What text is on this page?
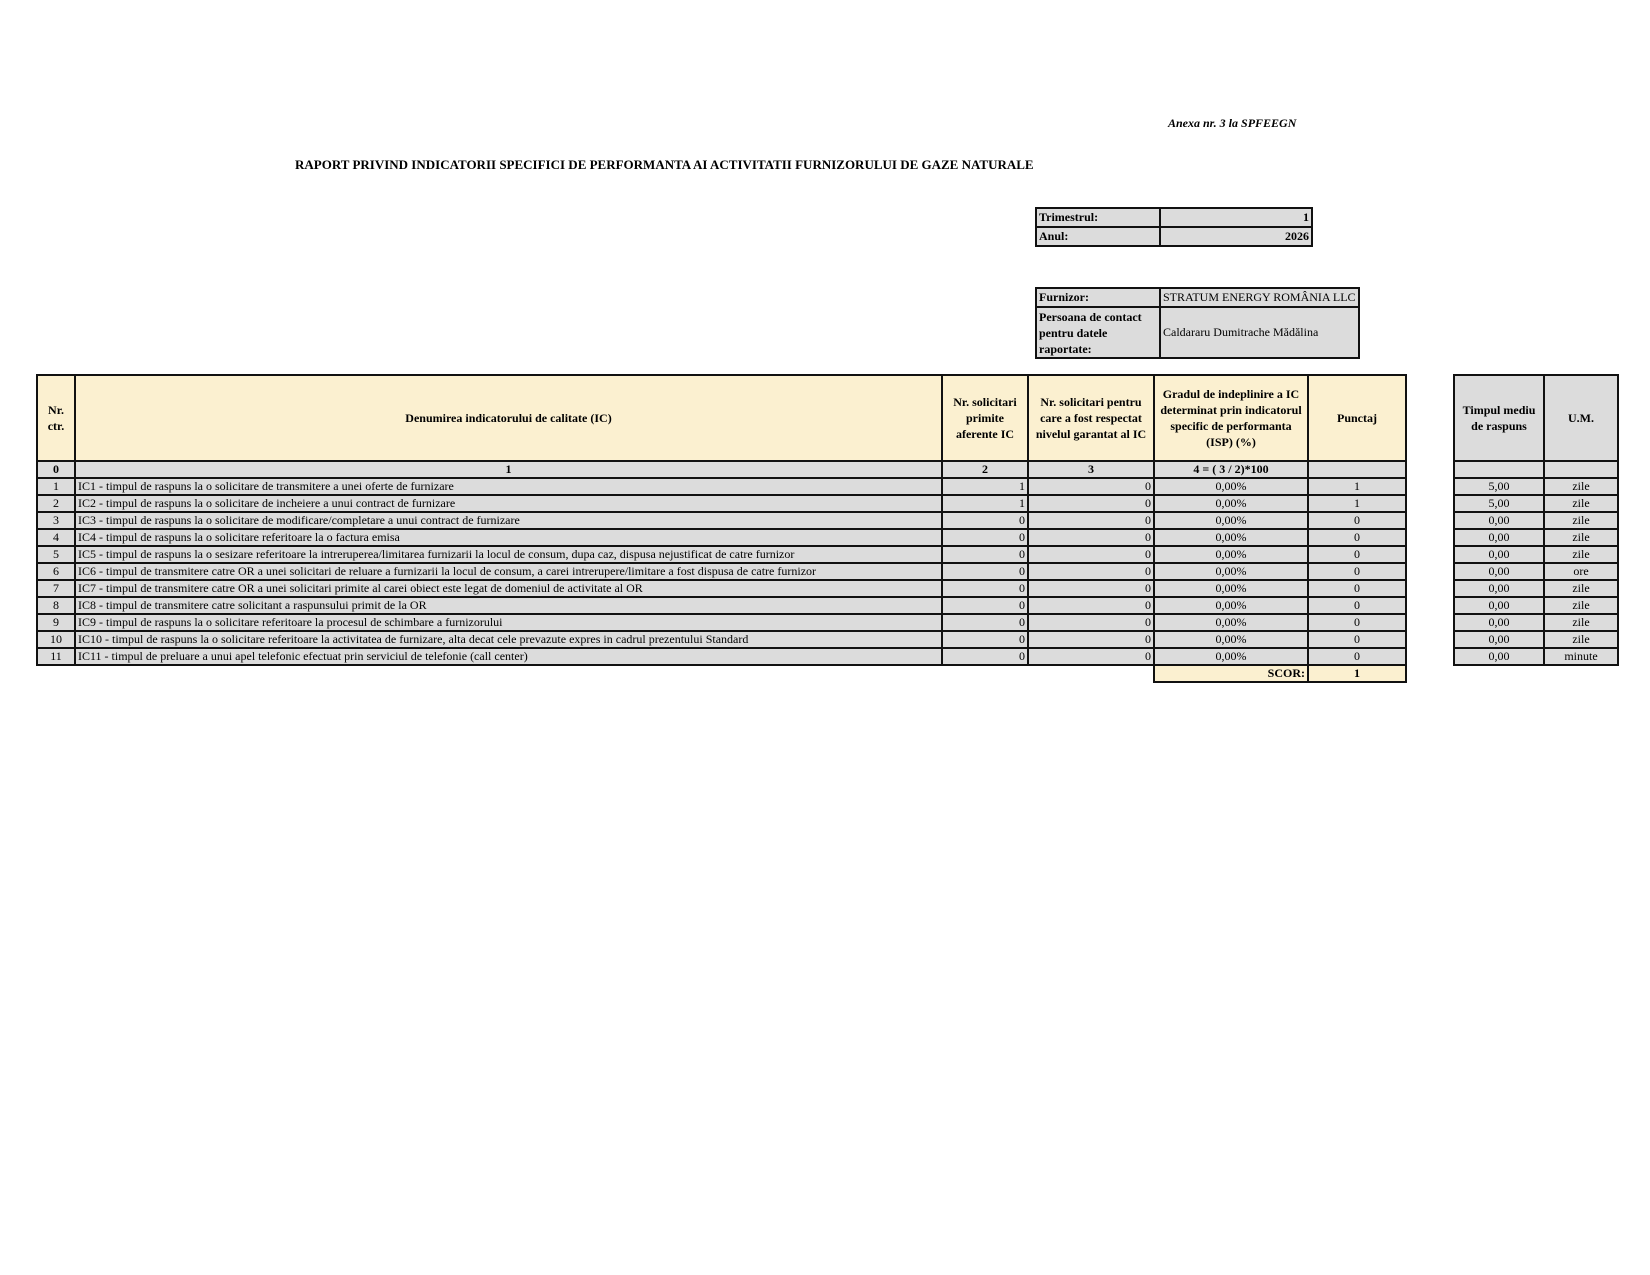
Anexa nr. 3 la SPFEEGN
RAPORT PRIVIND INDICATORII SPECIFICI DE PERFORMANTA AI ACTIVITATII FURNIZORULUI DE GAZE NATURALE
Trimestrul:	1
Anul:	2026
Furnizor:	STRATUM ENERGY ROMÂNIA LLC
Persoana de contact pentru datele raportate:	Caldararu Dumitrache Mădălina
Nr. ctr.	Denumirea indicatorului de calitate (IC)	Nr. solicitari primite aferente IC	Nr. solicitari pentru care a fost respectat nivelul garantat al IC	Gradul de indeplinire a IC determinat prin indicatorul specific de performanta (ISP) (%)	Punctaj
0	1	2	3	4 = ( 3 / 2)*100	
1	IC1 - timpul de raspuns la o solicitare de transmitere a unei oferte de furnizare	1	0	0,00%	1
2	IC2 - timpul de raspuns la o solicitare de incheiere a unui contract de furnizare	1	0	0,00%	1
3	IC3 - timpul de raspuns la o solicitare de modificare/completare a unui contract de furnizare	0	0	0,00%	0
4	IC4 - timpul de raspuns la o solicitare referitoare la o factura emisa	0	0	0,00%	0
5	IC5 - timpul de raspuns la o sesizare referitoare la intreruperea/limitarea furnizarii la locul de consum, dupa caz, dispusa nejustificat de catre furnizor	0	0	0,00%	0
6	IC6 - timpul de transmitere catre OR a unei solicitari de reluare a furnizarii la locul de consum, a carei intrerupere/limitare a fost dispusa de catre furnizor	0	0	0,00%	0
7	IC7 - timpul de transmitere catre OR a unei solicitari primite al carei obiect este legat de domeniul de activitate al OR	0	0	0,00%	0
8	IC8 - timpul de transmitere catre solicitant a raspunsului primit de la OR	0	0	0,00%	0
9	IC9 - timpul de raspuns la o solicitare referitoare la procesul de schimbare a furnizorului	0	0	0,00%	0
10	IC10 - timpul de raspuns la o solicitare referitoare la activitatea de furnizare, alta decat cele prevazute expres in cadrul prezentului Standard	0	0	0,00%	0
11	IC11 - timpul de preluare a unui apel telefonic efectuat prin serviciul de telefonie (call center)	0	0	0,00%	0
				SCOR:	1
Timpul mediu de raspuns	U.M.

5,00	zile
5,00	zile
0,00	zile
0,00	zile
0,00	zile
0,00	ore
0,00	zile
0,00	zile
0,00	zile
0,00	zile
0,00	minute
